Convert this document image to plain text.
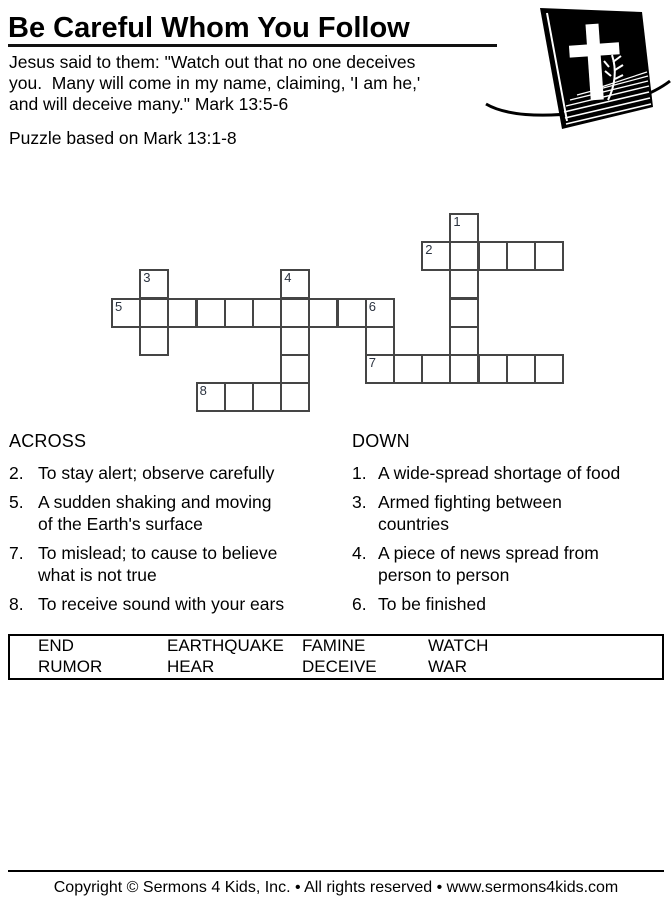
Be Careful Whom You Follow
Jesus said to them: "Watch out that no one deceives
you.  Many will come in my name, claiming, 'I am he,'
and will deceive many." Mark 13:5-6
Puzzle based on Mark 13:1-8
1
2
3	4
5	6
7
8
ACROSS
2. To stay alert; observe carefully
5. A sudden shaking and moving
of the Earth's surface
7. To mislead; to cause to believe
what is not true
8. To receive sound with your ears
DOWN
1. A wide-spread shortage of food
3. Armed fighting between
countries
4. A piece of news spread from
person to person
6. To be finished
END	EARTHQUAKE	FAMINE	WATCH
RUMOR	HEAR	DECEIVE	WAR
Copyright © Sermons 4 Kids, Inc. • All rights reserved • www.sermons4kids.com
